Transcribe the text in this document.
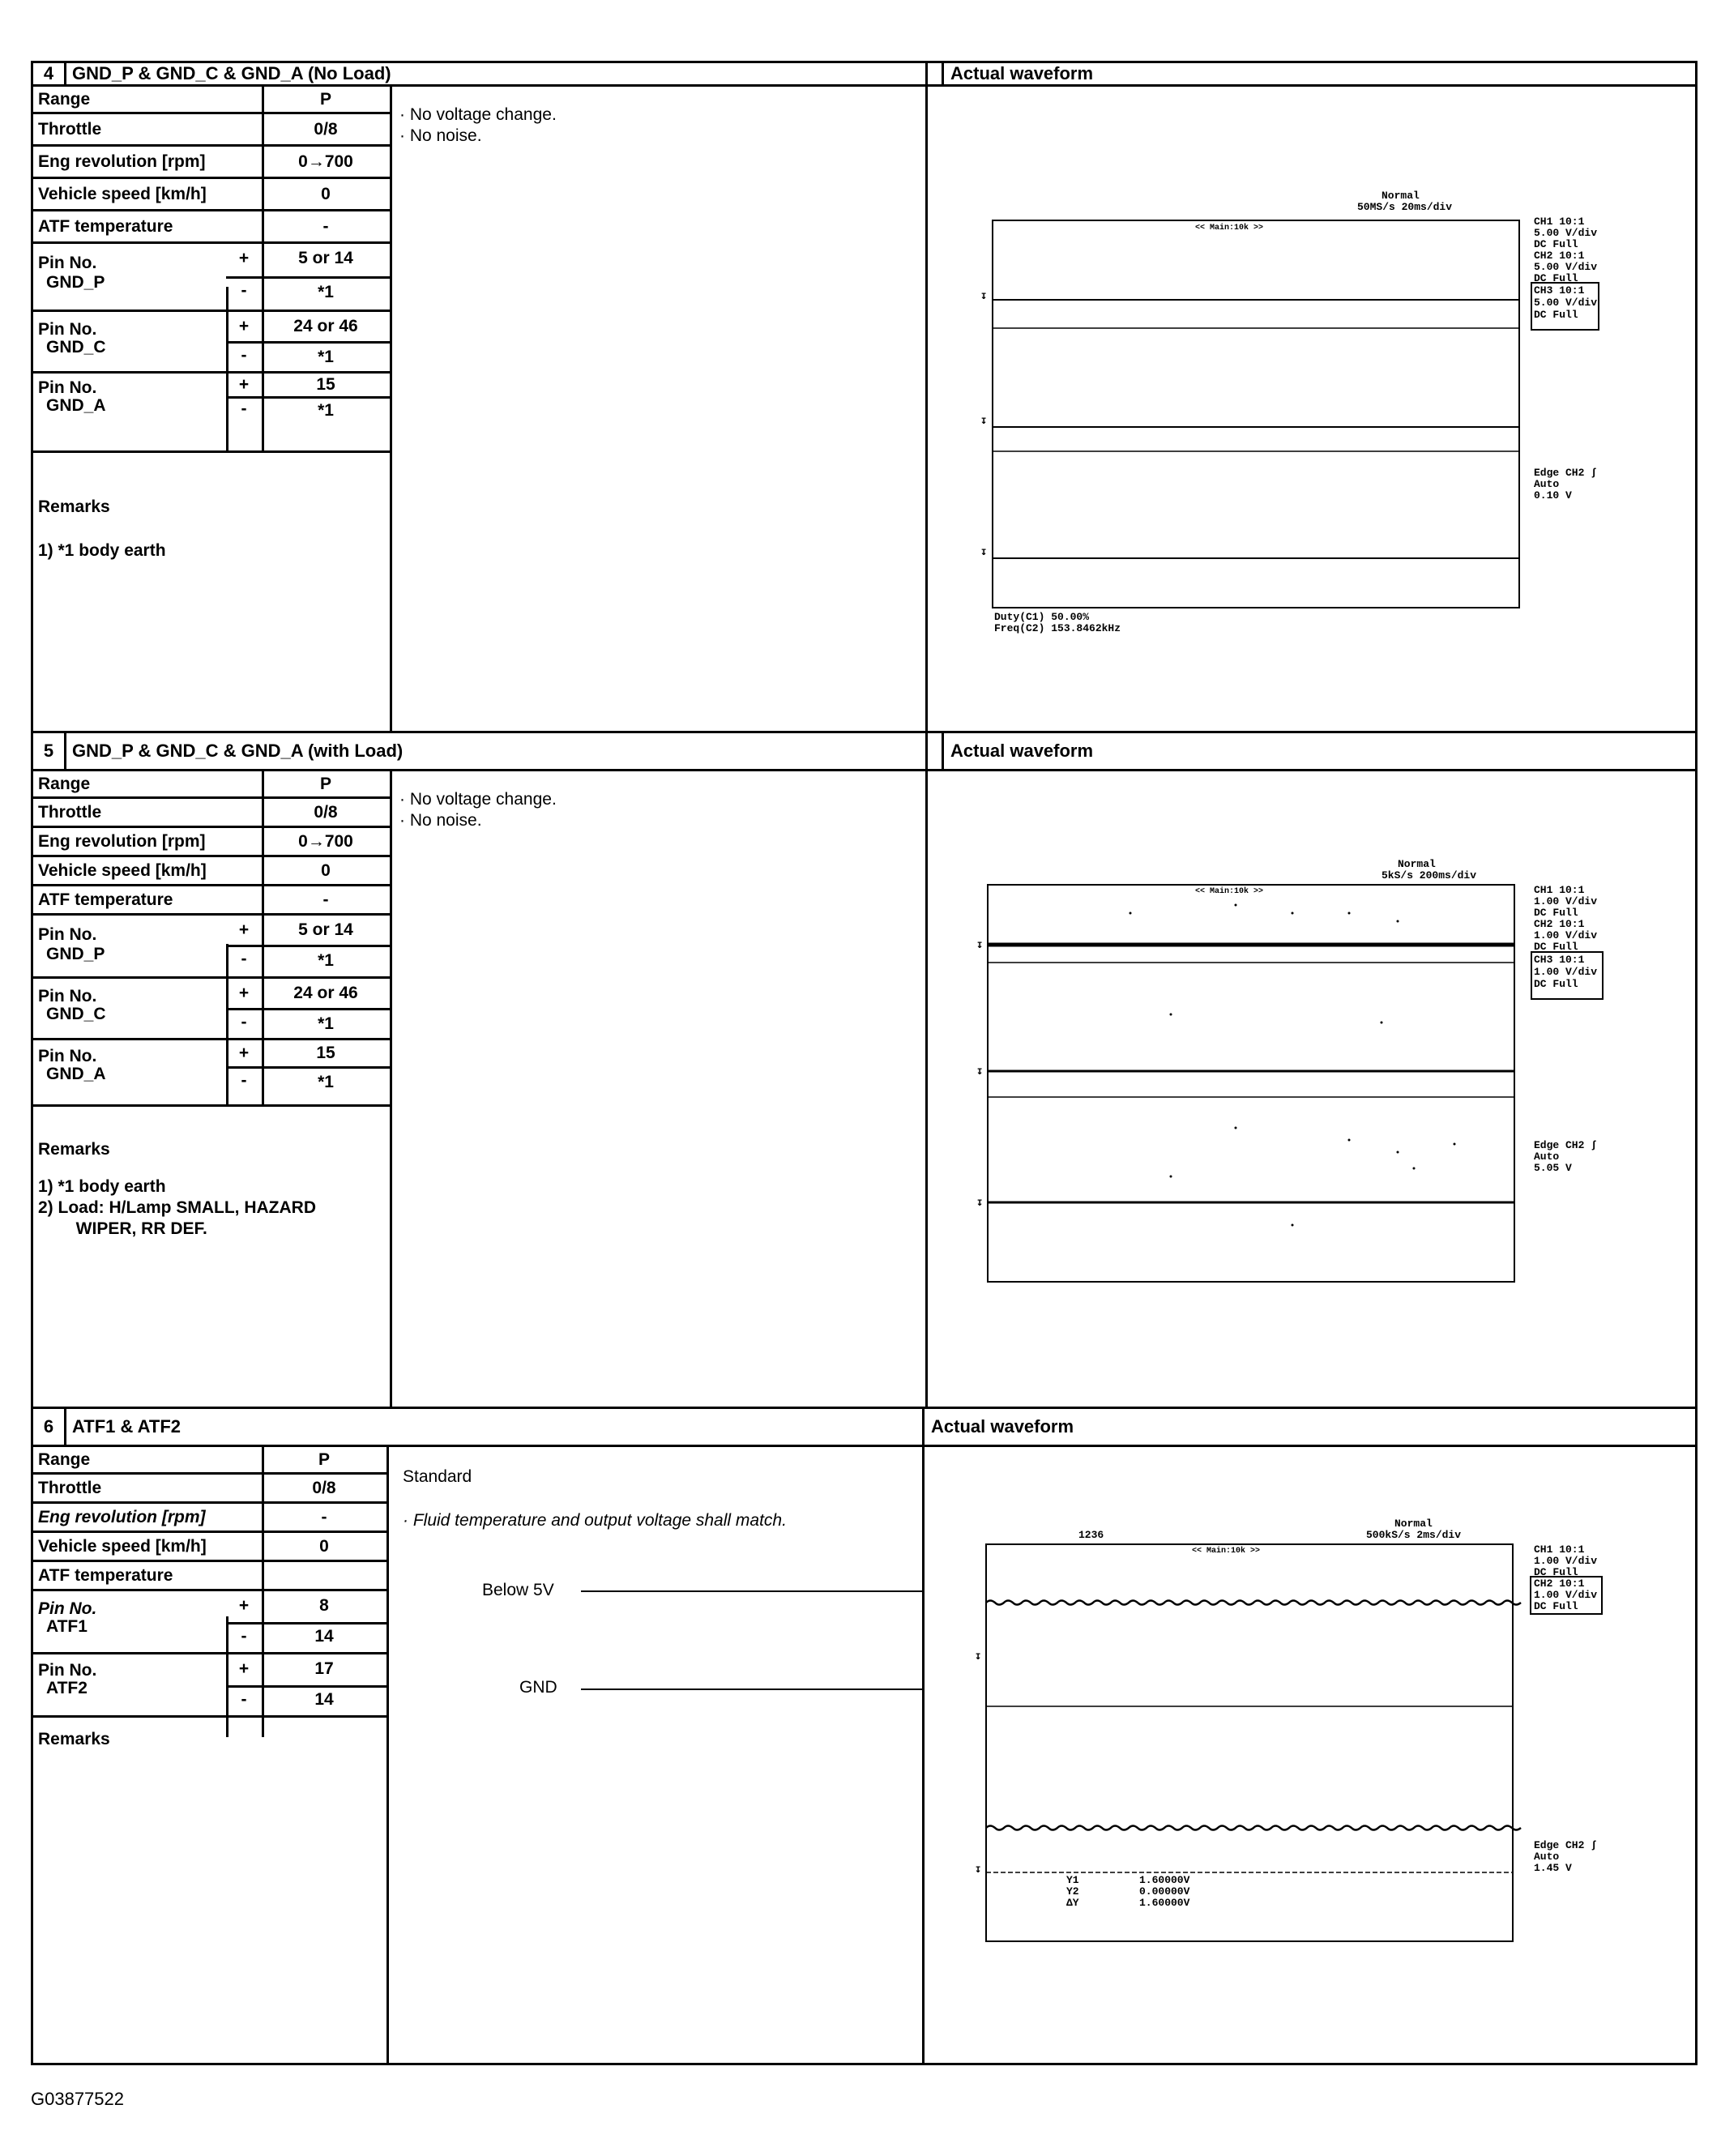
4	GND_P & GND_C & GND_A (No Load)	Actual waveform
Range	P
Throttle	0/8
Eng revolution [rpm]	0→700
Vehicle speed [km/h]	0
ATF temperature	-
Pin No.
GND_P
+	5 or 14
-	*1
Pin No.
GND_C
+	24 or 46
-	*1
Pin No.
GND_A
+	15
-	*1
Remarks
1) *1 body earth
· No voltage change.
· No noise.
Normal
50MS/s 20ms/div
<< Main:10k >>
↧
↧
↧
CH1 10:1
5.00 V/div
DC Full
CH2 10:1
5.00 V/div
DC Full
CH3 10:1
5.00 V/div
DC Full
Edge CH2 ʃ
Auto
0.10 V
Duty(C1) 50.00%
Freq(C2) 153.8462kHz
5	GND_P & GND_C & GND_A (with Load)	Actual waveform
Range	P
Throttle	0/8
Eng revolution [rpm]	0→700
Vehicle speed [km/h]	0
ATF temperature	-
Pin No.
GND_P
+	5 or 14
-	*1
Pin No.
GND_C
+	24 or 46
-	*1
Pin No.
GND_A
+	15
-	*1
Remarks
1) *1 body earth
2) Load: H/Lamp SMALL, HAZARD
WIPER, RR DEF.
· No voltage change.
· No noise.
Normal
5kS/s 200ms/div
<< Main:10k >>
↧
↧
↧
CH1 10:1
1.00 V/div
DC Full
CH2 10:1
1.00 V/div
DC Full
CH3 10:1
1.00 V/div
DC Full
Edge CH2 ʃ
Auto
5.05 V
6	ATF1 & ATF2	Actual waveform
Range	P
Throttle	0/8
Eng revolution [rpm]	-
Vehicle speed [km/h]	0
ATF temperature
Pin No.
ATF1
+	8
-	14
Pin No.
ATF2
+	17
-	14
Remarks
Standard
· Fluid temperature and output voltage shall match.
Below 5V
GND
Normal
500kS/s 2ms/div
1236
<< Main:10k >>
↧
↧
CH1 10:1
1.00 V/div
DC Full
CH2 10:1
1.00 V/div
DC Full
Edge CH2 ʃ
Auto
1.45 V
Y1	1.60000V
Y2	0.00000V
ΔY	1.60000V
G03877522
